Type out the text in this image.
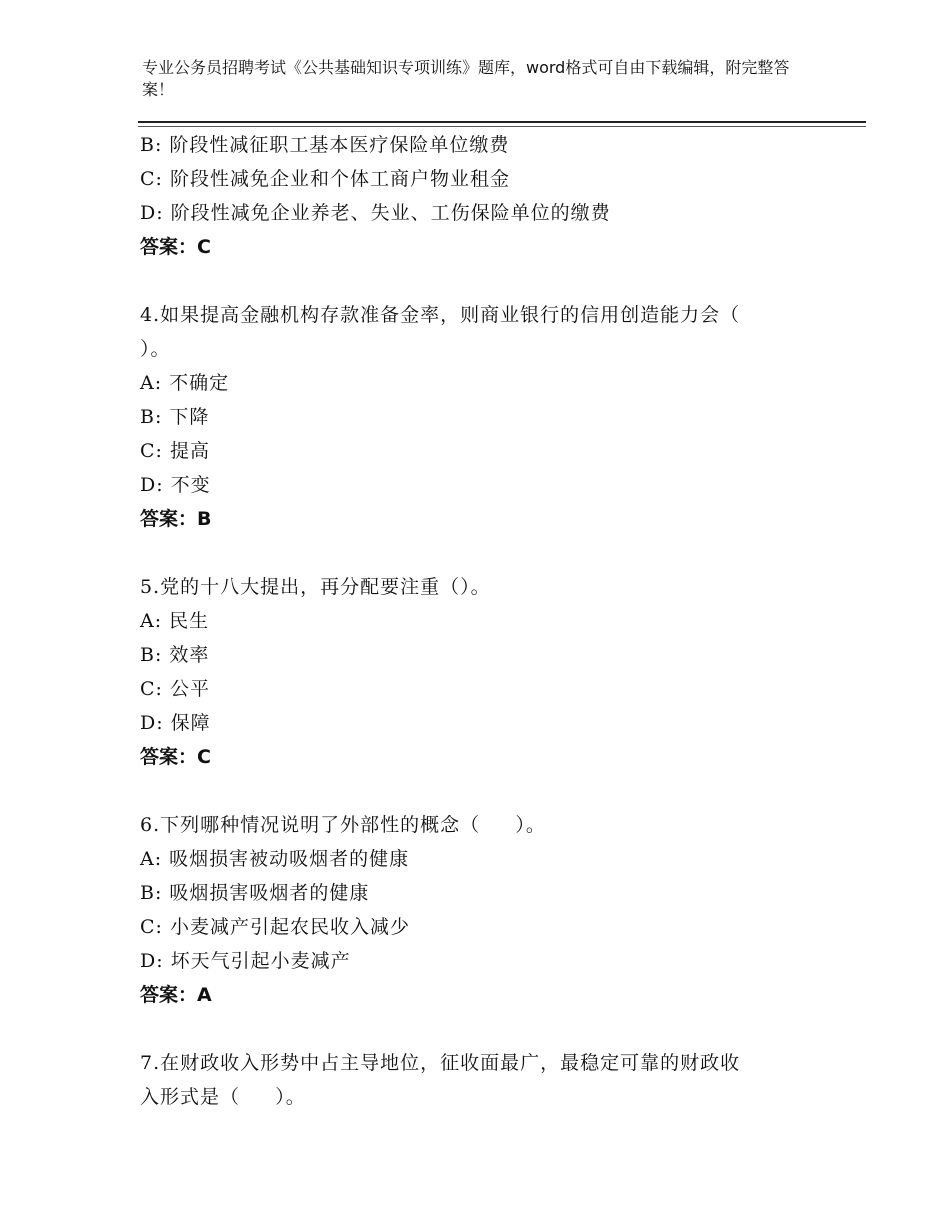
专业公务员招聘考试《公共基础知识专项训练》题库，word格式可自由下载编辑，附完整答案！
B: 阶段性减征职工基本医疗保险单位缴费
C: 阶段性减免企业和个体工商户物业租金
D: 阶段性减免企业养老、失业、工伤保险单位的缴费
答案：C
4.如果提高金融机构存款准备金率，则商业银行的信用创造能力会（
）。
A: 不确定
B: 下降
C: 提高
D: 不变
答案：B
5.党的十八大提出，再分配要注重（）。
A: 民生
B: 效率
C: 公平
D: 保障
答案：C
6.下列哪种情况说明了外部性的概念（     ）。
A: 吸烟损害被动吸烟者的健康
B: 吸烟损害吸烟者的健康
C: 小麦减产引起农民收入减少
D: 坏天气引起小麦减产
答案：A
7.在财政收入形势中占主导地位，征收面最广，最稳定可靠的财政收
入形式是（     ）。
